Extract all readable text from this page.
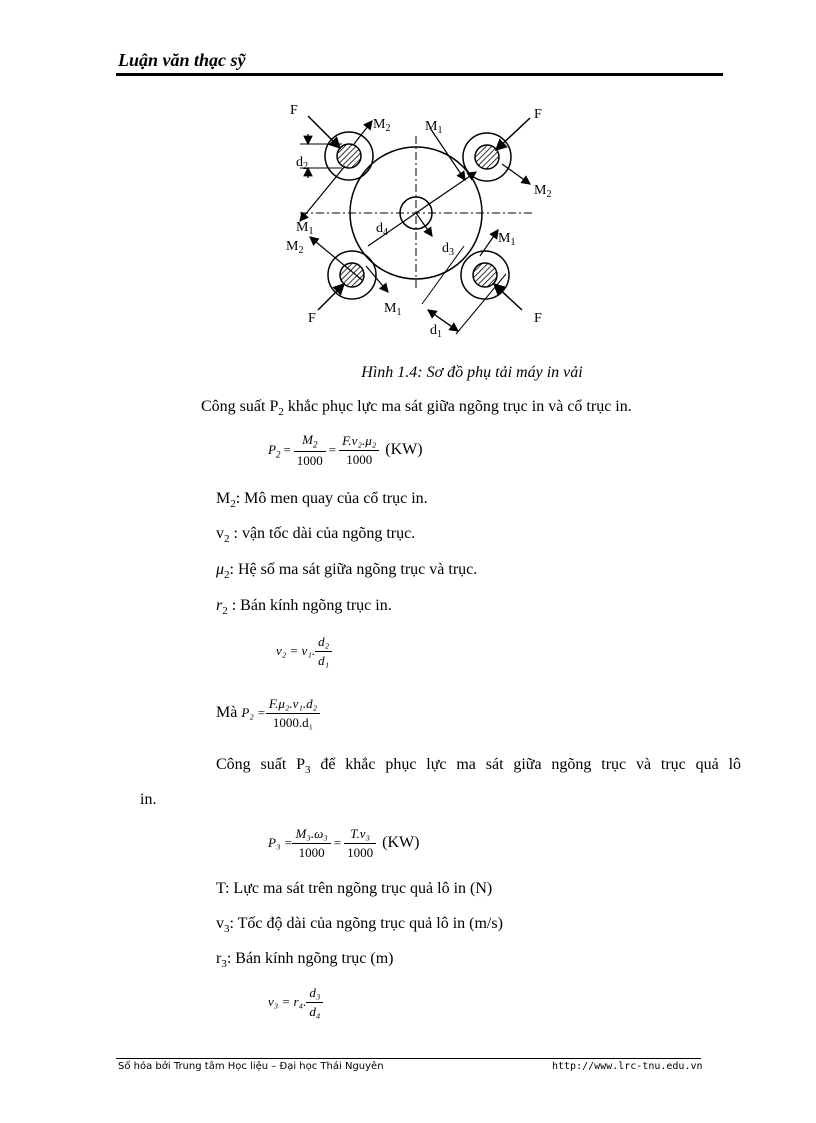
Luận văn thạc sỹ
F
$M_2$
$d_2$
$M_1$
F
$M_2$
$M_1$
$M_2$
$d_4$
$d_3$
$M_1$
F
$M_1$
$d_1$
F
Hình 1.4: Sơ đồ phụ tải máy in vải
Công suất $P_2$ khắc phục lực ma sát giữa ngõng trục in và cổ trục in.
$P_2 = \frac{M_2}{1000} = \frac{\text{F.v₂.μ₂}}{1000} (KW)$
$M_2$: Mô men quay của cổ trục in.
$v_2$ : vận tốc dài của ngõng trục.
$\mu_2$: Hệ số ma sát giữa ngõng trục và trục.
$r_2$ : Bán kính ngõng trục in.
v₂ = v₁. $\frac{\text{d₂}}{\text{d₁}}$
Mà $P_2 = \frac{\text{F.μ₂.v₁.d₂}}{\text{1000.d₁}}$
Công suất $P_3$ để khắc phục lực ma sát giữa ngõng trục và trục quả lô
in.
$P_3 = \frac{\text{M₃.ω₃}}{1000} = \frac{\text{T.v₃}}{1000} (KW)$
T: Lực ma sát trên ngõng trục quả lô in (N)
$v_3$: Tốc độ dài của ngõng trục quả lô in (m/s)
$r_3$: Bán kính ngõng trục (m)
v₃ = r₄. $\frac{\text{d₃}}{\text{d₄}}$
Số hóa bởi Trung tâm Học liệu – Đại học Thái Nguyên	http://www.lrc-tnu.edu.vn
